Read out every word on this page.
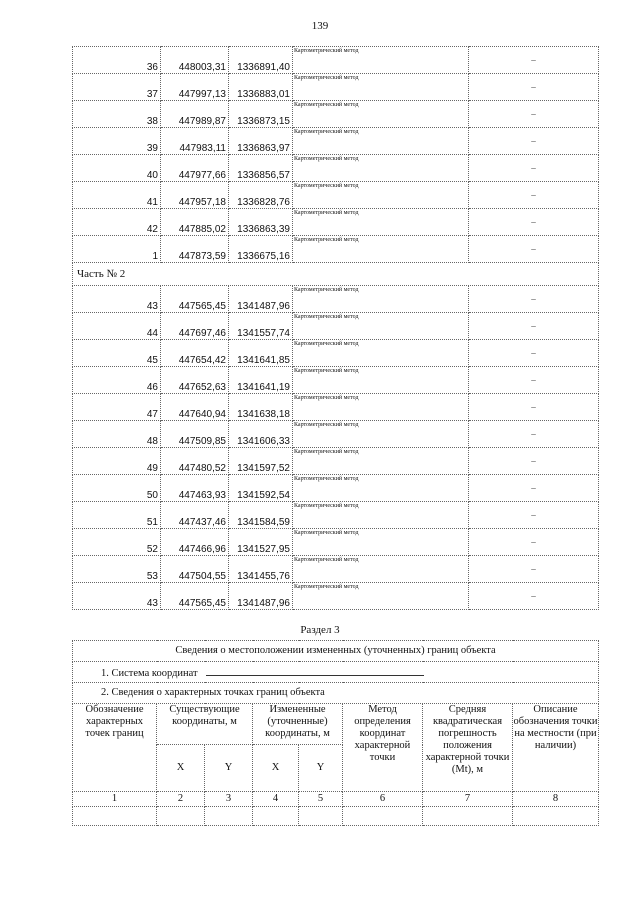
139
36	448003,31	1336891,40	Картометрический метод	–
37	447997,13	1336883,01	Картометрический метод	–
38	447989,87	1336873,15	Картометрический метод	–
39	447983,11	1336863,97	Картометрический метод	–
40	447977,66	1336856,57	Картометрический метод	–
41	447957,18	1336828,76	Картометрический метод	–
42	447885,02	1336863,39	Картометрический метод	–
1	447873,59	1336675,16	Картометрический метод	–
Часть № 2				
43	447565,45	1341487,96	Картометрический метод	–
44	447697,46	1341557,74	Картометрический метод	–
45	447654,42	1341641,85	Картометрический метод	–
46	447652,63	1341641,19	Картометрический метод	–
47	447640,94	1341638,18	Картометрический метод	–
48	447509,85	1341606,33	Картометрический метод	–
49	447480,52	1341597,52	Картометрический метод	–
50	447463,93	1341592,54	Картометрический метод	–
51	447437,46	1341584,59	Картометрический метод	–
52	447466,96	1341527,95	Картометрический метод	–
53	447504,55	1341455,76	Картометрический метод	–
43	447565,45	1341487,96	Картометрический метод	–
Раздел 3
Сведения о местоположении измененных (уточненных) границ объекта							
1. Система координат							
2. Сведения о характерных точках границ объекта							
Обозначение характерных точек границ	Существующие координаты, м		Измененные (уточненные) координаты, м		Метод определения координат характерной точки	Средняя квадратическая погрешность положения характерной точки (Mt), м	Описание обозначения точки на местности (при наличии)
	X	Y	X	Y			
1	2	3	4	5	6	7	8
